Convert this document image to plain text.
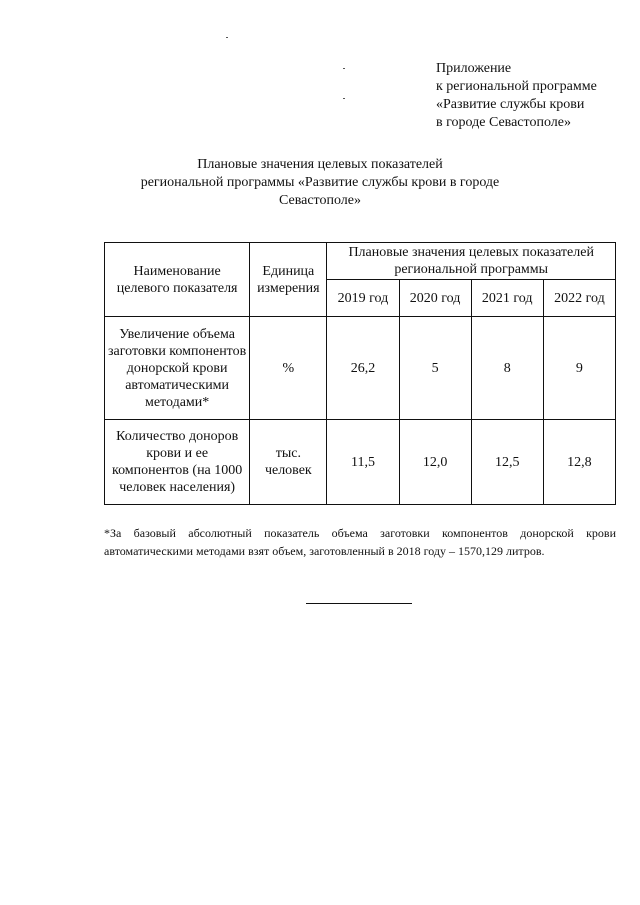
Приложение
к региональной программе
«Развитие службы крови
в городе Севастополе»
Плановые значения целевых показателей
региональной программы «Развитие службы крови в городе
Севастополе»
Наименование целевого показателя	Единица измерения	Плановые значения целевых показателей региональной программы			
		2019 год	2020 год	2021 год	2022 год
Увеличение объема заготовки компонентов донорской крови автоматическими методами*	%	26,2	5	8	9
Количество доноров крови и ее компонентов (на 1000 человек населения)	тыс. человек	11,5	12,0	12,5	12,8
*За базовый абсолютный показатель объема заготовки компонентов донорской крови автоматическими методами взят объем, заготовленный в 2018 году – 1570,129 литров.
